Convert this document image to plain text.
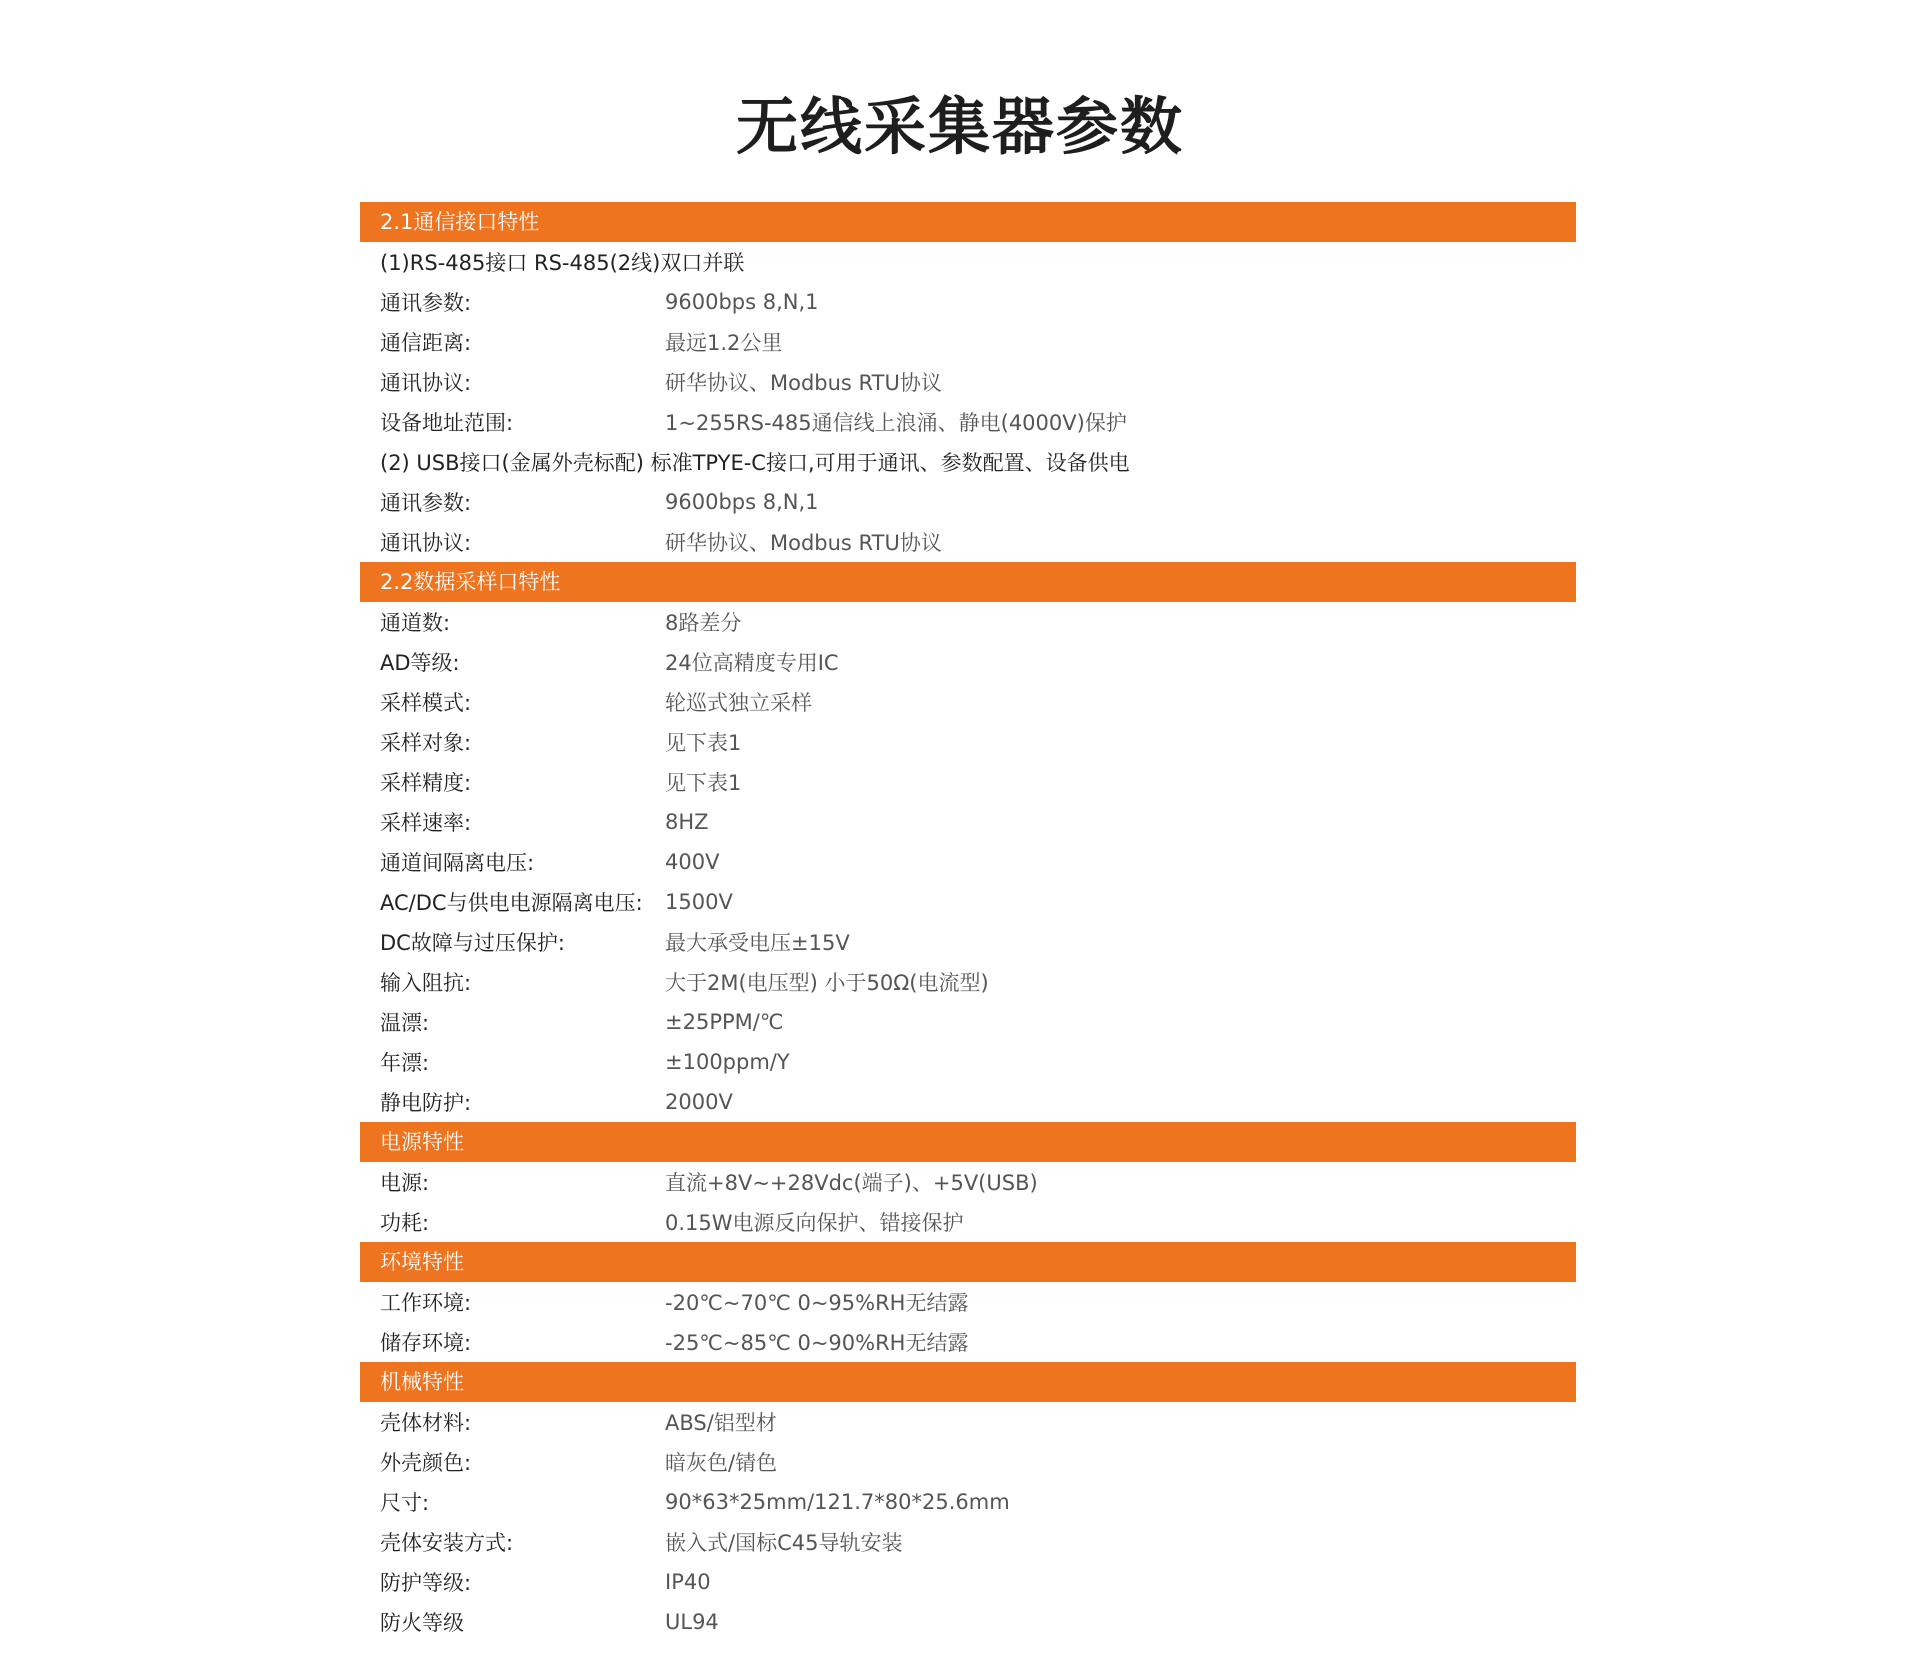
无线采集器参数
2.1通信接口特性
(1)RS-485接口 RS-485(2线)双口并联
通讯参数:	9600bps 8,N,1
通信距离:	最远1.2公里
通讯协议:	研华协议、Modbus RTU协议
设备地址范围:	1~255RS-485通信线上浪涌、静电(4000V)保护
(2) USB接口(金属外壳标配) 标准TPYE-C接口,可用于通讯、参数配置、设备供电
通讯参数:	9600bps 8,N,1
通讯协议:	研华协议、Modbus RTU协议
2.2数据采样口特性
通道数:	8路差分
AD等级:	24位高精度专用IC
采样模式:	轮巡式独立采样
采样对象:	见下表1
采样精度:	见下表1
采样速率:	8HZ
通道间隔离电压:	400V
AC/DC与供电电源隔离电压:	1500V
DC故障与过压保护:	最大承受电压±15V
输入阻抗:	大于2M(电压型) 小于50Ω(电流型)
温漂:	±25PPM/℃
年漂:	±100ppm/Y
静电防护:	2000V
电源特性
电源:	直流+8V~+28Vdc(端子)、+5V(USB)
功耗:	0.15W电源反向保护、错接保护
环境特性
工作环境:	-20℃~70℃ 0~95%RH无结露
储存环境:	-25℃~85℃ 0~90%RH无结露
机械特性
壳体材料:	ABS/铝型材
外壳颜色:	暗灰色/锖色
尺寸:	90*63*25mm/121.7*80*25.6mm
壳体安装方式:	嵌入式/国标C45导轨安装
防护等级:	IP40
防火等级	UL94
